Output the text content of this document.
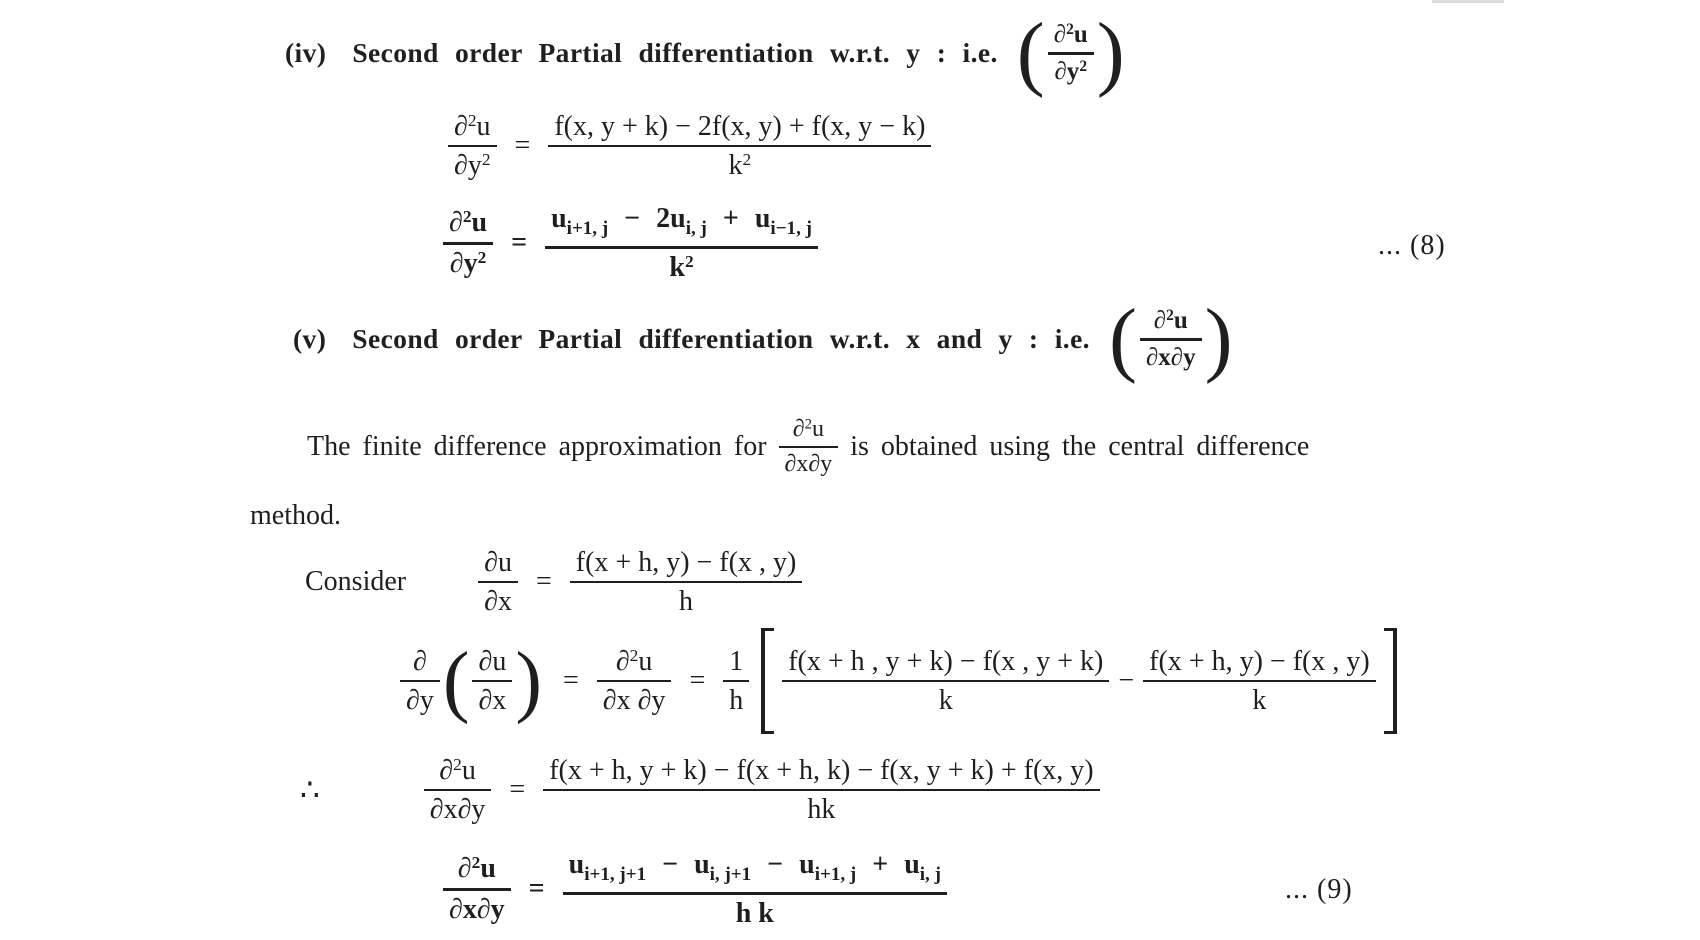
(iv) Second order Partial differentiation w.r.t. y : i.e. ( $\frac{\partial^2u}{\partial y^2}$ )
$\frac{\partial^2u}{\partial y^2} = \frac{f(x, y + k) - 2f(x, y) + f(x, y - k)}{k^2}$
$\frac{\partial^2u}{\partial y^2} = \frac{u_{i+1, j} - 2u_{i, j} + u_{i-1, j}}{k^2}$	... (8)
(v) Second order Partial differentiation w.r.t. x and y : i.e. ( $\frac{\partial^2u}{\partial x\partial y}$ )
The finite difference approximation for $\frac{\partial^2u}{\partial x\partial y}$ is obtained using the central difference
method.
Consider	$\frac{\partial u}{\partial x} = \frac{f(x + h, y) - f(x , y)}{h}$
$\frac{\partial}{\partial y}$ ( $\frac{\partial u}{\partial x}$ ) = $\frac{\partial^2u}{\partial x \partial y} = \frac{1}{h} \frac{f(x + h , y + k) - f(x , y + k)}{k} - \frac{f(x + h, y) - f(x , y)}{k}$
∴	$\frac{\partial^2u}{\partial x\partial y} = \frac{f(x + h, y + k) - f(x + h, k) - f(x, y + k) + f(x, y)}{hk}$
$\frac{\partial^2u}{\partial x\partial y}$ =
$u_{i+1, j+1} - u_{i, j+1} - u_{i+1, j} + u_{i, j}$
h k
... (9)
